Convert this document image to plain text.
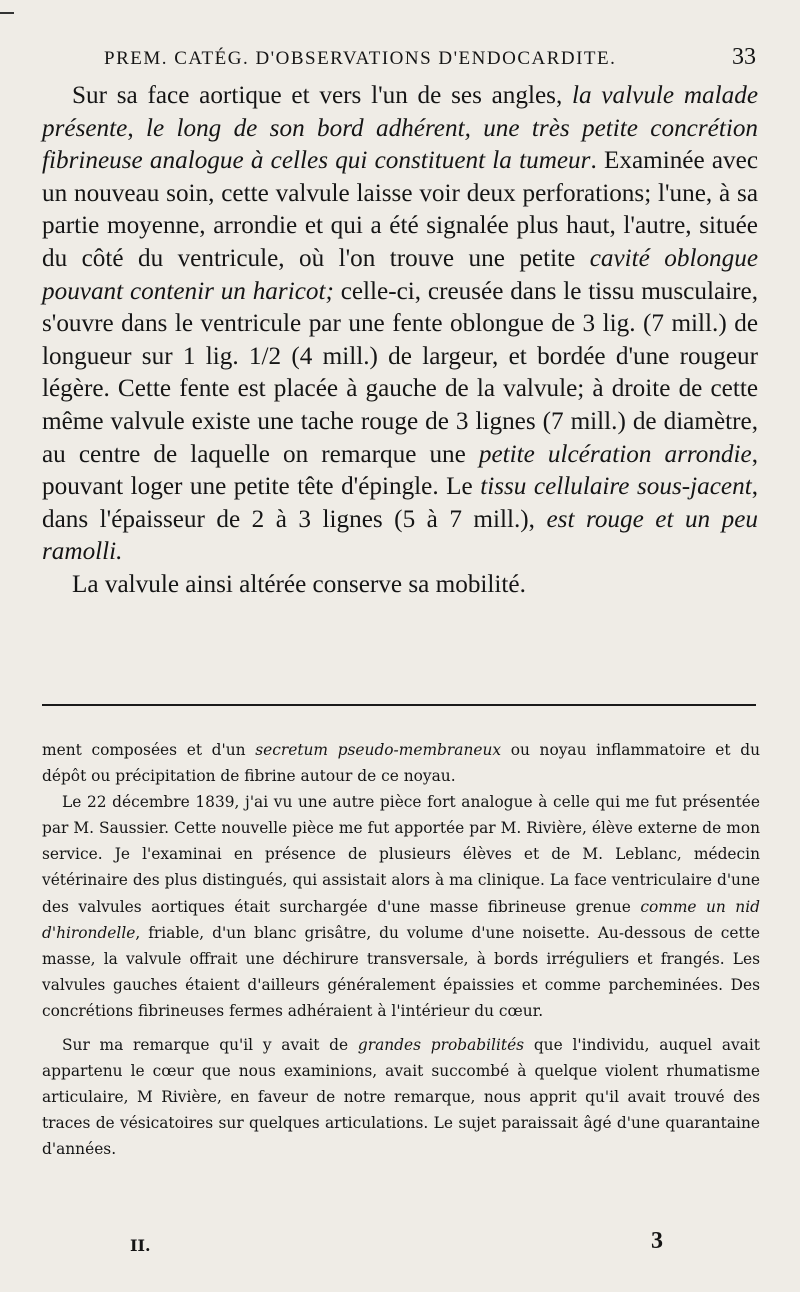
PREM. CATÉG. D'OBSERVATIONS D'ENDOCARDITE.	33

Sur sa face aortique et vers l'un de ses angles, la valvule malade présente, le long de son bord adhérent, une très petite concrétion fibrineuse analogue à celles qui constituent la tumeur. Examinée avec un nouveau soin, cette valvule laisse voir deux perforations; l'une, à sa partie moyenne, arrondie et qui a été signalée plus haut, l'autre, située du côté du ventricule, où l'on trouve une petite cavité oblongue pouvant contenir un haricot; celle-ci, creusée dans le tissu musculaire, s'ouvre dans le ventricule par une fente oblongue de 3 lig. (7 mill.) de longueur sur 1 lig. 1/2 (4 mill.) de largeur, et bordée d'une rougeur légère. Cette fente est placée à gauche de la valvule; à droite de cette même valvule existe une tache rouge de 3 lignes (7 mill.) de diamètre, au centre de laquelle on remarque une petite ulcération arrondie, pouvant loger une petite tête d'épingle. Le tissu cellulaire sous-jacent, dans l'épaisseur de 2 à 3 lignes (5 à 7 mill.), est rouge et un peu ramolli.

La valvule ainsi altérée conserve sa mobilité.

ment composées et d'un secretum pseudo-membraneux ou noyau inflammatoire et du dépôt ou précipitation de fibrine autour de ce noyau.

Le 22 décembre 1839, j'ai vu une autre pièce fort analogue à celle qui me fut présentée par M. Saussier. Cette nouvelle pièce me fut apportée par M. Rivière, élève externe de mon service. Je l'examinai en présence de plusieurs élèves et de M. Leblanc, médecin vétérinaire des plus distingués, qui assistait alors à ma clinique. La face ventriculaire d'une des valvules aortiques était surchargée d'une masse fibrineuse grenue comme un nid d'hirondelle, friable, d'un blanc grisâtre, du volume d'une noisette. Au-dessous de cette masse, la valvule offrait une déchirure transversale, à bords irréguliers et frangés. Les valvules gauches étaient d'ailleurs généralement épaissies et comme parcheminées. Des concrétions fibrineuses fermes adhéraient à l'intérieur du cœur.

Sur ma remarque qu'il y avait de grandes probabilités que l'individu, auquel avait appartenu le cœur que nous examinions, avait succombé à quelque violent rhumatisme articulaire, M Rivière, en faveur de notre remarque, nous apprit qu'il avait trouvé des traces de vésicatoires sur quelques articulations. Le sujet paraissait âgé d'une quarantaine d'années.

II.	3
